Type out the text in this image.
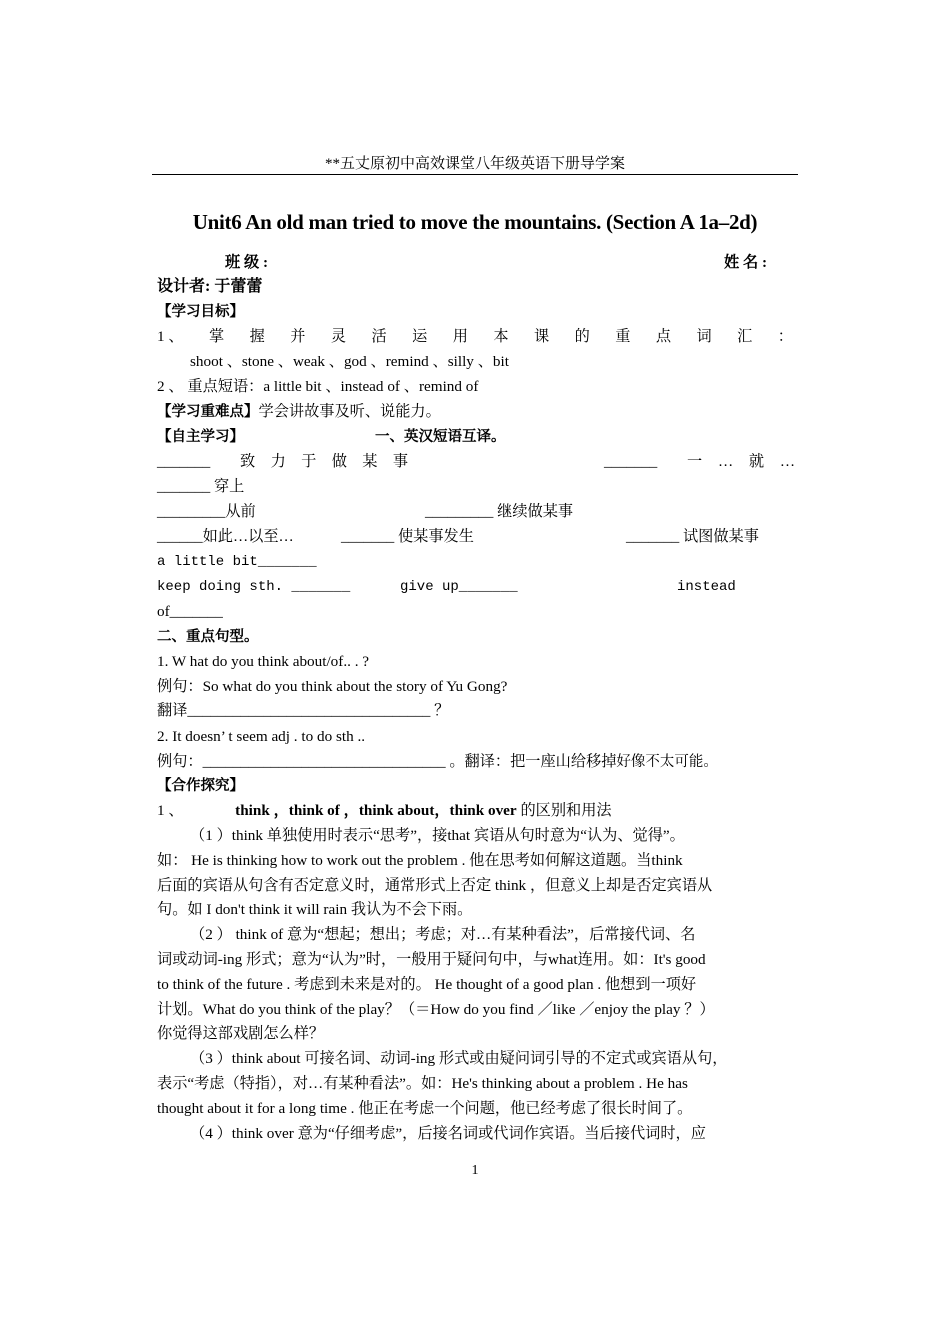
**五丈原初中高效课堂八年级英语下册导学案
Unit6 An old man tried to move the mountains. (Section A 1a–2d)
班 级 :	姓 名 :
设计者: 于蕾蕾
【学习目标】
1 、 掌 握 并 灵 活 运 用 本 课 的 重 点 词 汇 ：
shoot 、stone 、weak 、god 、remind 、silly 、bit
2 、 重点短语：a little bit 、instead of 、remind of
【学习重难点】学会讲故事及听、说能力。
【自主学习】	一、英汉短语互译。
_______ 致 力 于 做 某 事	_______ 一 … 就 …
_______ 穿上
_________从前	_________ 继续做某事
______如此…以至…	_______ 使某事发生	_______ 试图做某事
a little bit_______
keep doing sth. _______	give up_______	instead
of_______
二、重点句型。
1. W hat do you think about/of.. . ?
例句：So what do you think about the story of Yu Gong?
翻译________________________________ ？
2. It doesn’ t seem adj . to do sth ..
例句：________________________________ 。翻译：把一座山给移掉好像不太可能。
【合作探究】
1 、	think ，think of ，think about，think over 的区别和用法
（1 ）think 单独使用时表示“思考”，接that 宾语从句时意为“认为、觉得”。
如： He is thinking how to work out the problem . 他在思考如何解这道题。当think
后面的宾语从句含有否定意义时，通常形式上否定 think ，但意义上却是否定宾语从
句。如 I don't think it will rain 我认为不会下雨。
（2 ） think of 意为“想起；想出；考虑；对…有某种看法”，后常接代词、名
词或动词-ing 形式；意为“认为”时，一般用于疑问句中，与what连用。如：It's good
to think of the future . 考虑到未来是对的。 He thought of a good plan . 他想到一项好
计划。What do you think of the play？（＝How do you find ／like ／enjoy the play ？）
你觉得这部戏剧怎么样？
（3 ）think about 可接名词、动词-ing 形式或由疑问词引导的不定式或宾语从句，
表示“考虑（特指），对…有某种看法”。如：He's thinking about a problem . He has
thought about it for a long time . 他正在考虑一个问题，他已经考虑了很长时间了。
（4 ）think over 意为“仔细考虑”，后接名词或代词作宾语。当后接代词时，应
1
